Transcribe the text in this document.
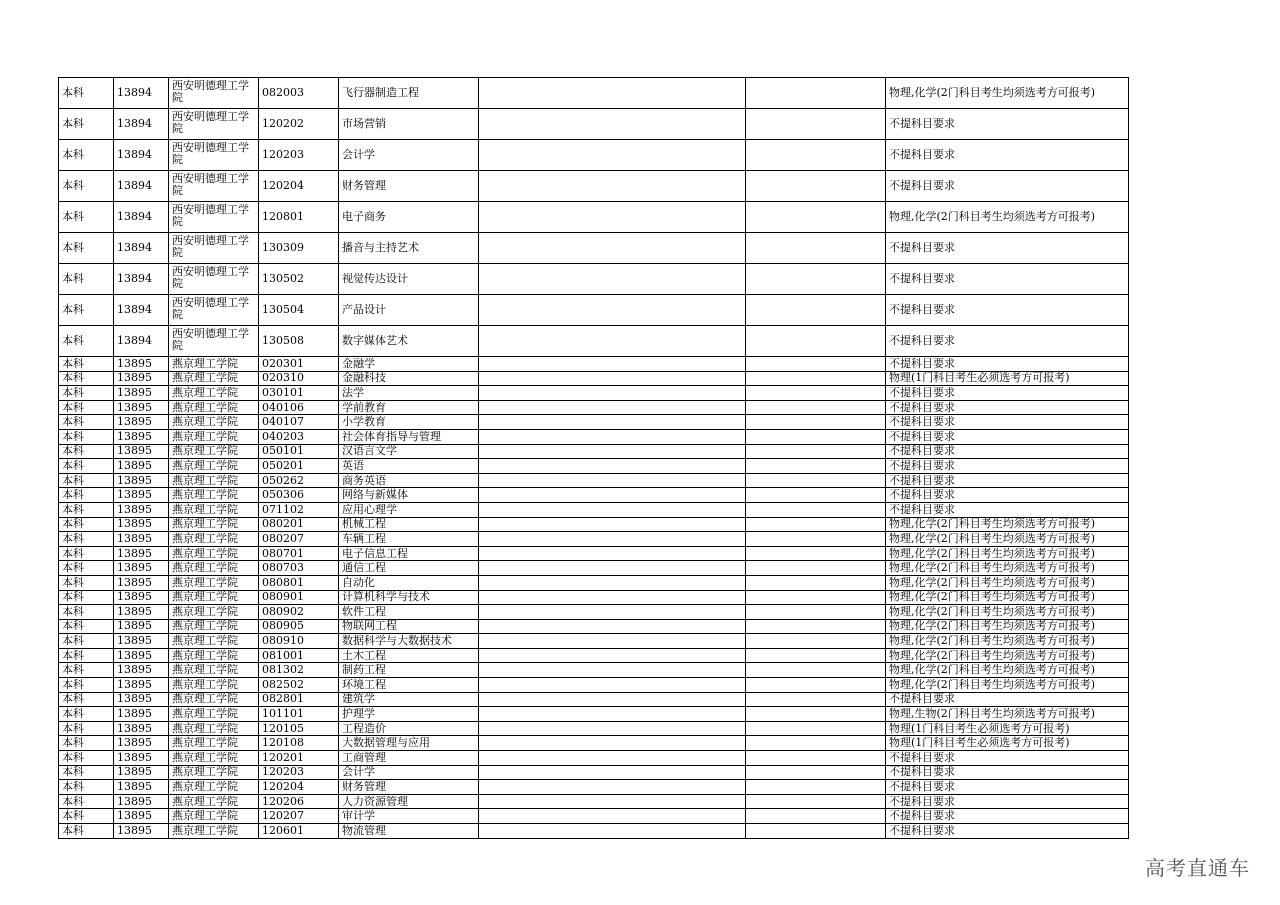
本科	13894	西安明德理工学院	082003	飞行器制造工程			物理,化学(2门科目考生均须选考方可报考)
本科	13894	西安明德理工学院	120202	市场营销			不提科目要求
本科	13894	西安明德理工学院	120203	会计学			不提科目要求
本科	13894	西安明德理工学院	120204	财务管理			不提科目要求
本科	13894	西安明德理工学院	120801	电子商务			物理,化学(2门科目考生均须选考方可报考)
本科	13894	西安明德理工学院	130309	播音与主持艺术			不提科目要求
本科	13894	西安明德理工学院	130502	视觉传达设计			不提科目要求
本科	13894	西安明德理工学院	130504	产品设计			不提科目要求
本科	13894	西安明德理工学院	130508	数字媒体艺术			不提科目要求
本科	13895	燕京理工学院	020301	金融学			不提科目要求
本科	13895	燕京理工学院	020310	金融科技			物理(1门科目考生必须选考方可报考)
本科	13895	燕京理工学院	030101	法学			不提科目要求
本科	13895	燕京理工学院	040106	学前教育			不提科目要求
本科	13895	燕京理工学院	040107	小学教育			不提科目要求
本科	13895	燕京理工学院	040203	社会体育指导与管理			不提科目要求
本科	13895	燕京理工学院	050101	汉语言文学			不提科目要求
本科	13895	燕京理工学院	050201	英语			不提科目要求
本科	13895	燕京理工学院	050262	商务英语			不提科目要求
本科	13895	燕京理工学院	050306	网络与新媒体			不提科目要求
本科	13895	燕京理工学院	071102	应用心理学			不提科目要求
本科	13895	燕京理工学院	080201	机械工程			物理,化学(2门科目考生均须选考方可报考)
本科	13895	燕京理工学院	080207	车辆工程			物理,化学(2门科目考生均须选考方可报考)
本科	13895	燕京理工学院	080701	电子信息工程			物理,化学(2门科目考生均须选考方可报考)
本科	13895	燕京理工学院	080703	通信工程			物理,化学(2门科目考生均须选考方可报考)
本科	13895	燕京理工学院	080801	自动化			物理,化学(2门科目考生均须选考方可报考)
本科	13895	燕京理工学院	080901	计算机科学与技术			物理,化学(2门科目考生均须选考方可报考)
本科	13895	燕京理工学院	080902	软件工程			物理,化学(2门科目考生均须选考方可报考)
本科	13895	燕京理工学院	080905	物联网工程			物理,化学(2门科目考生均须选考方可报考)
本科	13895	燕京理工学院	080910	数据科学与大数据技术			物理,化学(2门科目考生均须选考方可报考)
本科	13895	燕京理工学院	081001	土木工程			物理,化学(2门科目考生均须选考方可报考)
本科	13895	燕京理工学院	081302	制药工程			物理,化学(2门科目考生均须选考方可报考)
本科	13895	燕京理工学院	082502	环境工程			物理,化学(2门科目考生均须选考方可报考)
本科	13895	燕京理工学院	082801	建筑学			不提科目要求
本科	13895	燕京理工学院	101101	护理学			物理,生物(2门科目考生均须选考方可报考)
本科	13895	燕京理工学院	120105	工程造价			物理(1门科目考生必须选考方可报考)
本科	13895	燕京理工学院	120108	大数据管理与应用			物理(1门科目考生必须选考方可报考)
本科	13895	燕京理工学院	120201	工商管理			不提科目要求
本科	13895	燕京理工学院	120203	会计学			不提科目要求
本科	13895	燕京理工学院	120204	财务管理			不提科目要求
本科	13895	燕京理工学院	120206	人力资源管理			不提科目要求
本科	13895	燕京理工学院	120207	审计学			不提科目要求
本科	13895	燕京理工学院	120601	物流管理			不提科目要求
高考直通车
